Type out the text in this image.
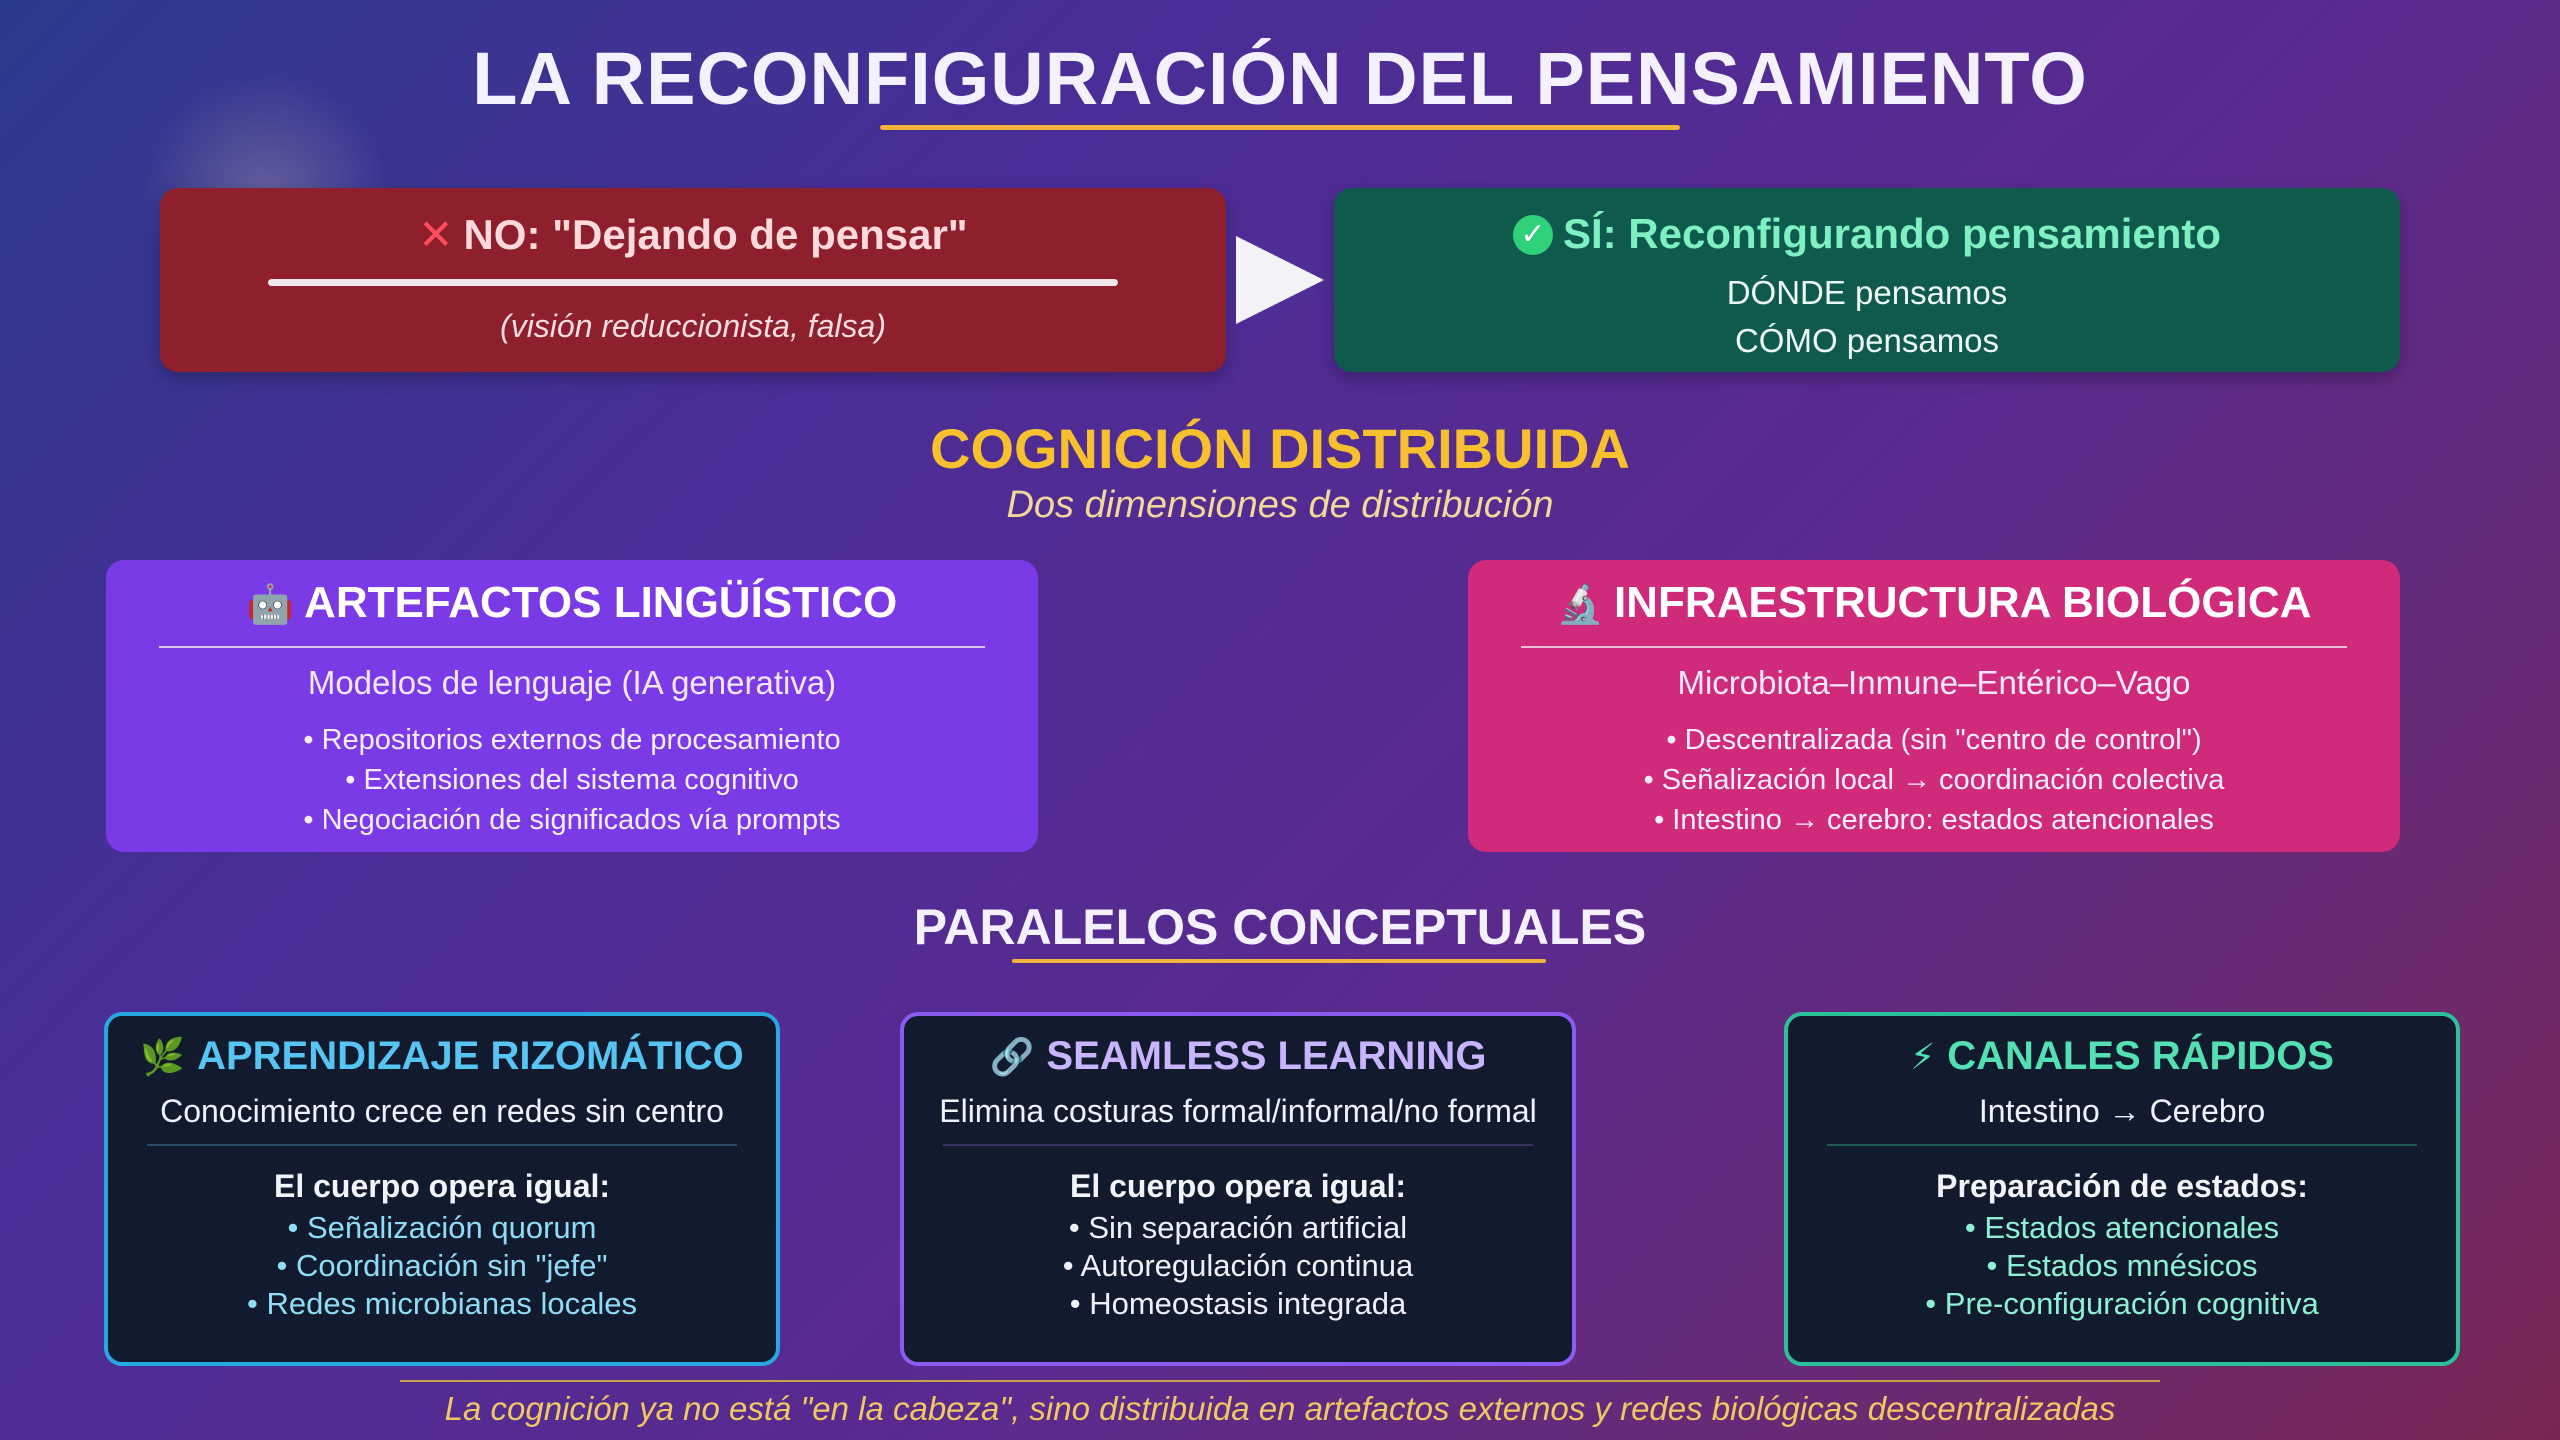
LA RECONFIGURACIÓN DEL PENSAMIENTO
✕ NO: "Dejando de pensar"
(visión reduccionista, falsa)
✓ SÍ: Reconfigurando pensamiento
DÓNDE pensamos
CÓMO pensamos
COGNICIÓN DISTRIBUIDA
Dos dimensiones de distribución
🤖 ARTEFACTOS LINGÜÍSTICO
Modelos de lenguaje (IA generativa)
• Repositorios externos de procesamiento
• Extensiones del sistema cognitivo
• Negociación de significados vía prompts
🔬 INFRAESTRUCTURA BIOLÓGICA
Microbiota–Inmune–Entérico–Vago
• Descentralizada (sin "centro de control")
• Señalización local → coordinación colectiva
• Intestino → cerebro: estados atencionales
PARALELOS CONCEPTUALES
🌿 APRENDIZAJE RIZOMÁTICO
Conocimiento crece en redes sin centro
El cuerpo opera igual:
• Señalización quorum
• Coordinación sin "jefe"
• Redes microbianas locales
🔗 SEAMLESS LEARNING
Elimina costuras formal/informal/no formal
El cuerpo opera igual:
• Sin separación artificial
• Autoregulación continua
• Homeostasis integrada
⚡ CANALES RÁPIDOS
Intestino → Cerebro
Preparación de estados:
• Estados atencionales
• Estados mnésicos
• Pre-configuración cognitiva
La cognición ya no está "en la cabeza", sino distribuida en artefactos externos y redes biológicas descentralizadas
